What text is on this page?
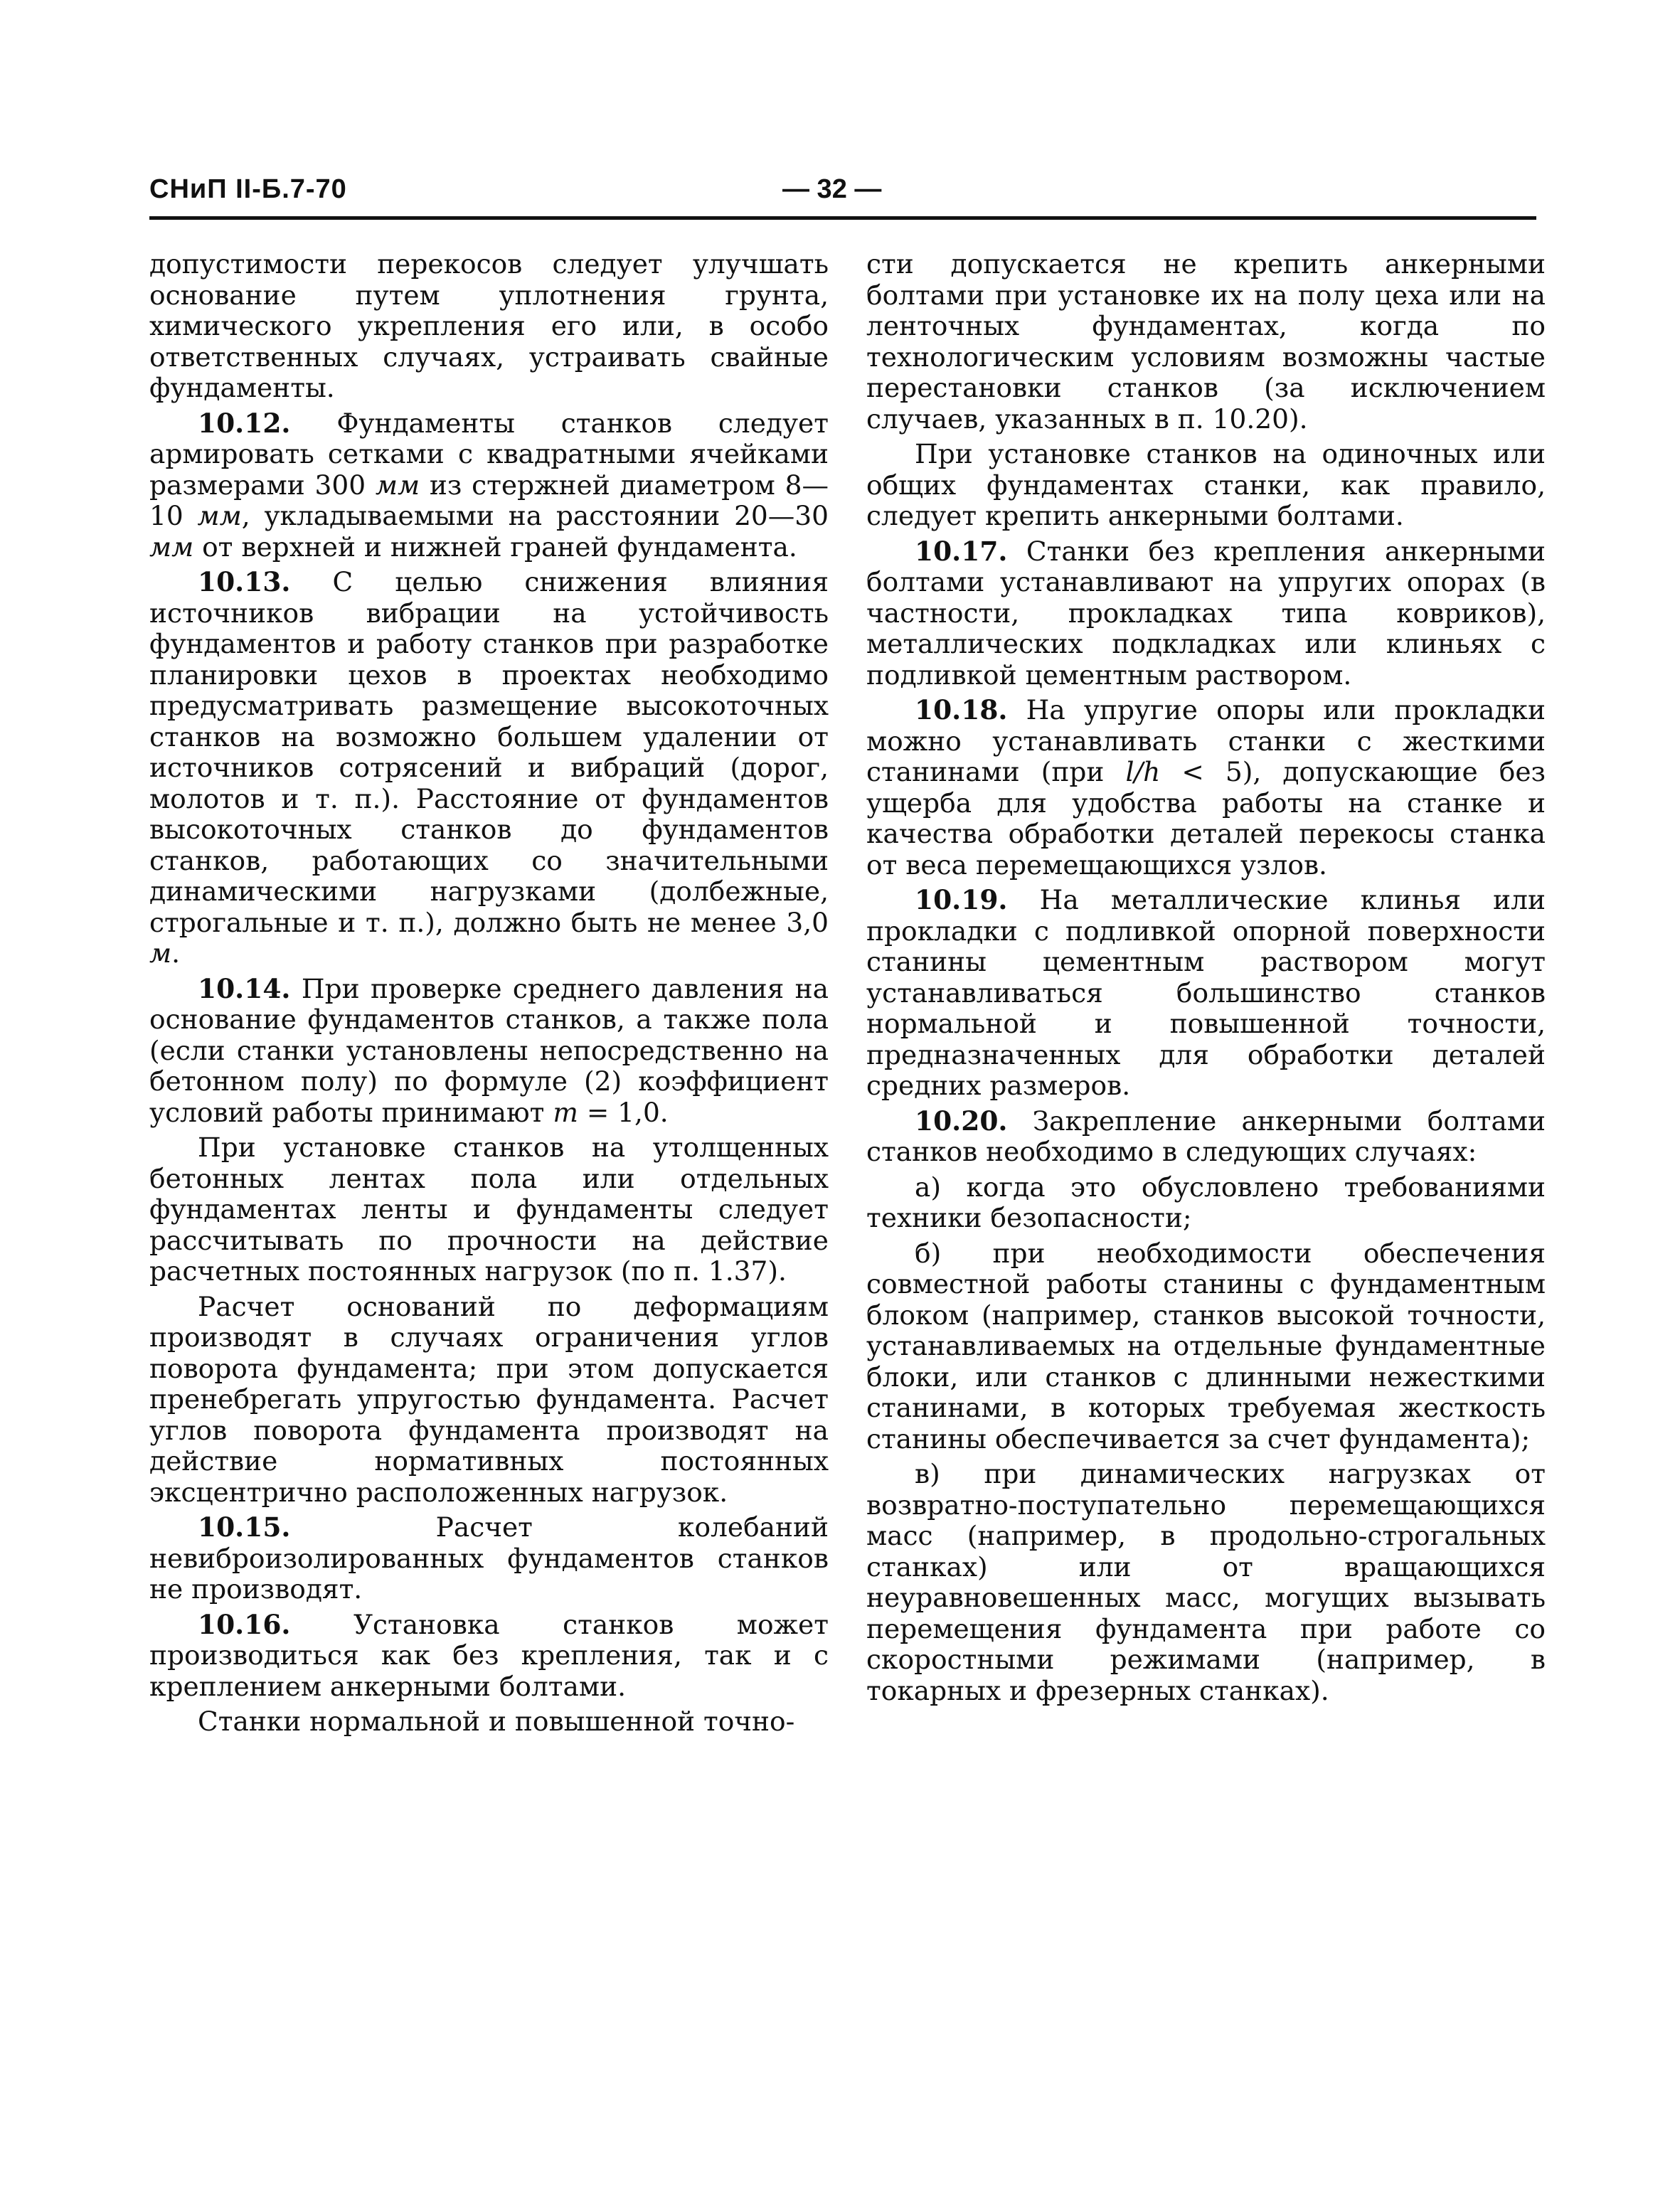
СНиП II-Б.7-70	— 32 —

допустимости перекосов следует улучшать основание путем уплотнения грунта, химического укрепления его или, в особо ответственных случаях, устраивать свайные фундаменты.

10.12. Фундаменты станков следует армировать сетками с квадратными ячейками размерами 300 мм из стержней диаметром 8—10 мм, укладываемыми на расстоянии 20—30 мм от верхней и нижней граней фундамента.

10.13. С целью снижения влияния источников вибрации на устойчивость фундаментов и работу станков при разработке планировки цехов в проектах необходимо предусматривать размещение высокоточных станков на возможно большем удалении от источников сотрясений и вибраций (дорог, молотов и т. п.). Расстояние от фундаментов высокоточных станков до фундаментов станков, работающих со значительными динамическими нагрузками (долбежные, строгальные и т. п.), должно быть не менее 3,0 м.

10.14. При проверке среднего давления на основание фундаментов станков, а также пола (если станки установлены непосредственно на бетонном полу) по формуле (2) коэффициент условий работы принимают m = 1,0.

При установке станков на утолщенных бетонных лентах пола или отдельных фундаментах ленты и фундаменты следует рассчитывать по прочности на действие расчетных постоянных нагрузок (по п. 1.37).

Расчет оснований по деформациям производят в случаях ограничения углов поворота фундамента; при этом допускается пренебрегать упругостью фундамента. Расчет углов поворота фундамента производят на действие нормативных постоянных эксцентрично расположенных нагрузок.

10.15. Расчет колебаний невиброизолированных фундаментов станков не производят.

10.16. Установка станков может производиться как без крепления, так и с креплением анкерными болтами.

Станки нормальной и повышенной точно-

сти допускается не крепить анкерными болтами при установке их на полу цеха или на ленточных фундаментах, когда по технологическим условиям возможны частые перестановки станков (за исключением случаев, указанных в п. 10.20).

При установке станков на одиночных или общих фундаментах станки, как правило, следует крепить анкерными болтами.

10.17. Станки без крепления анкерными болтами устанавливают на упругих опорах (в частности, прокладках типа ковриков), металлических подкладках или клиньях с подливкой цементным раствором.

10.18. На упругие опоры или прокладки можно устанавливать станки с жесткими станинами (при l/h < 5), допускающие без ущерба для удобства работы на станке и качества обработки деталей перекосы станка от веса перемещающихся узлов.

10.19. На металлические клинья или прокладки с подливкой опорной поверхности станины цементным раствором могут устанавливаться большинство станков нормальной и повышенной точности, предназначенных для обработки деталей средних размеров.

10.20. Закрепление анкерными болтами станков необходимо в следующих случаях:

а) когда это обусловлено требованиями техники безопасности;

б) при необходимости обеспечения совместной работы станины с фундаментным блоком (например, станков высокой точности, устанавливаемых на отдельные фундаментные блоки, или станков с длинными нежесткими станинами, в которых требуемая жесткость станины обеспечивается за счет фундамента);

в) при динамических нагрузках от возвратно-поступательно перемещающихся масс (например, в продольно-строгальных станках) или от вращающихся неуравновешенных масс, могущих вызывать перемещения фундамента при работе со скоростными режимами (например, в токарных и фрезерных станках).
